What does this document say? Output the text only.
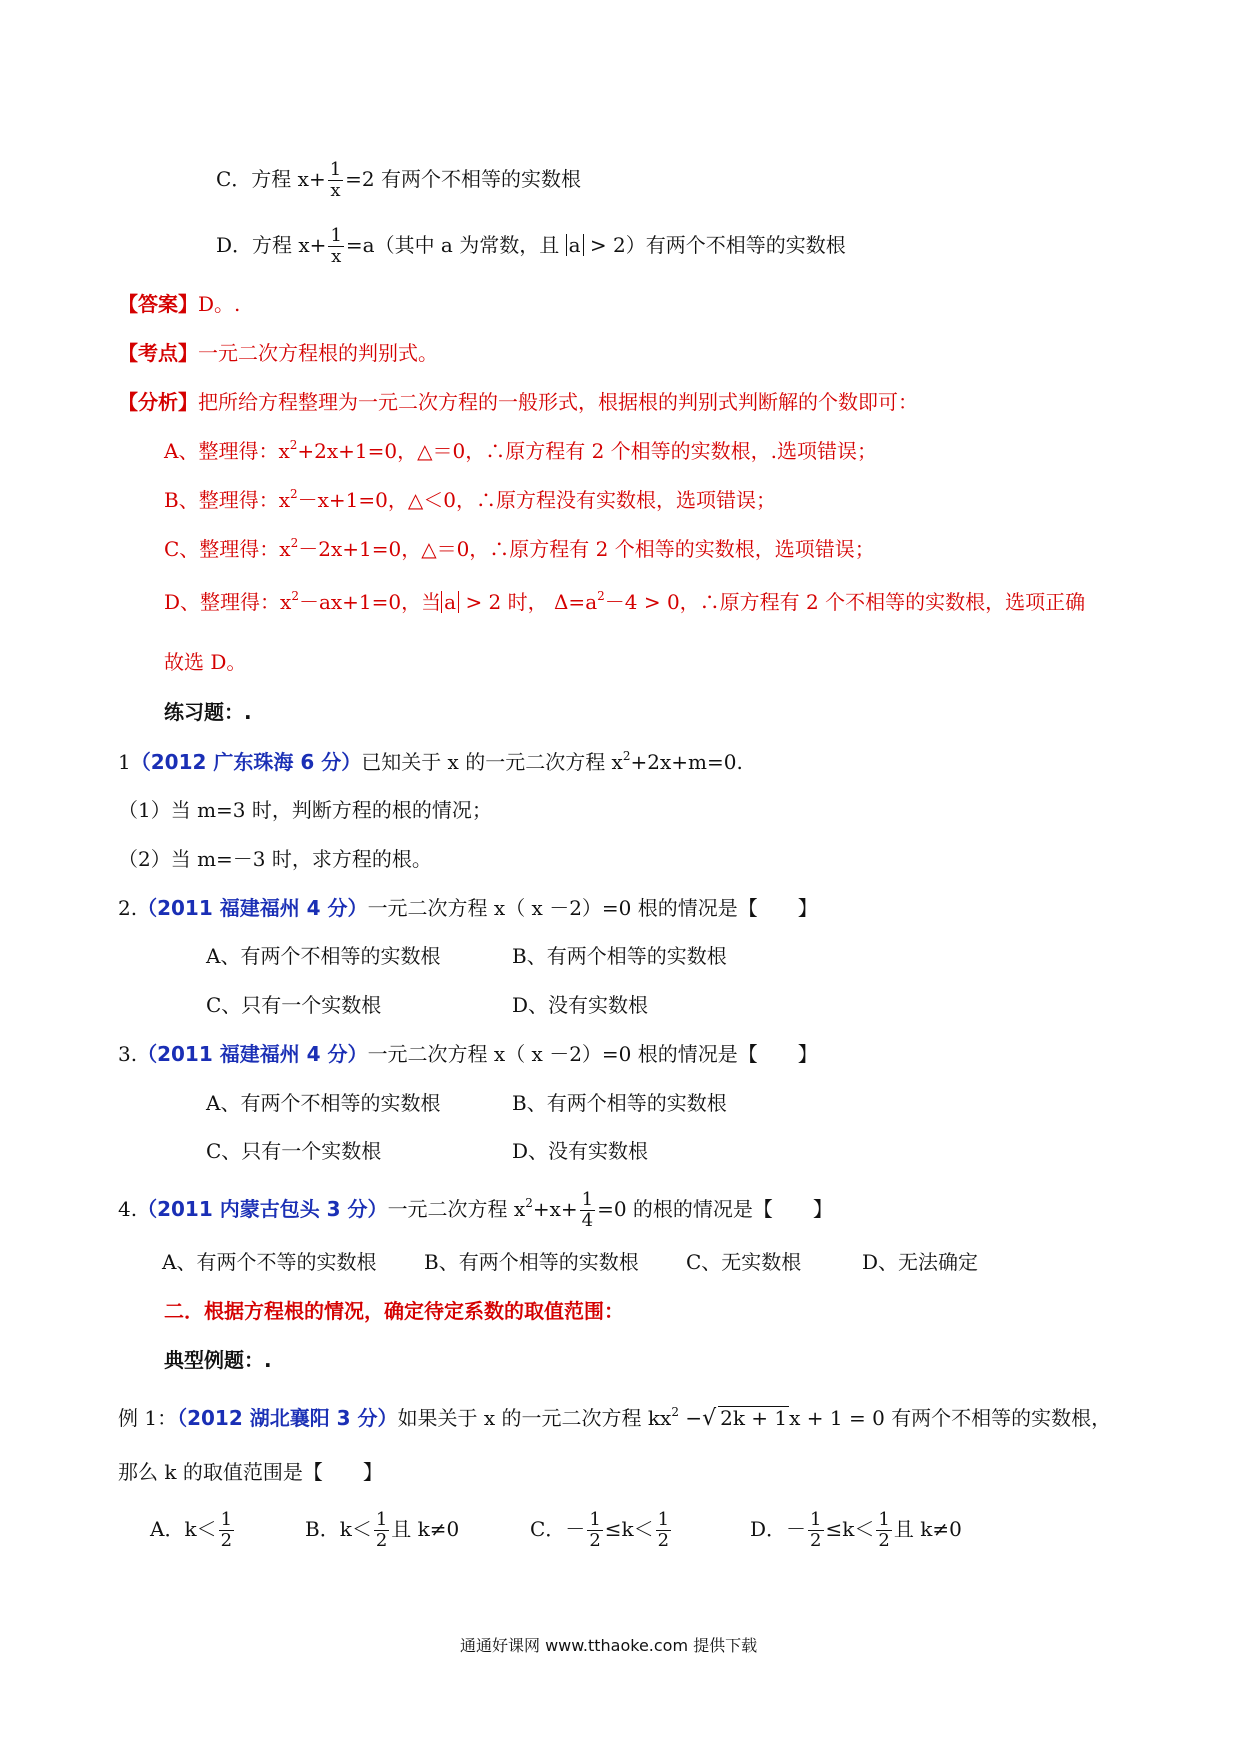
C．方程 $x+ \frac{1}{x} =2$ 有两个不相等的实数根
D．方程 $x+ \frac{1}{x} =a$（其中 a 为常数，且 a > 2）有两个不相等的实数根
【答案】D。.
【考点】一元二次方程根的判别式。
【分析】把所给方程整理为一元二次方程的一般形式，根据根的判别式判断解的个数即可：
A、整理得：$x^2+2x+1=0$，△＝0，∴原方程有 2 个相等的实数根，.选项错误；
B、整理得：$x^2-x+1=0$，△＜0，∴原方程没有实数根，选项错误；
C、整理得：$x^2-2x+1=0$，△＝0，∴原方程有 2 个相等的实数根，选项错误；
D、整理得：$x^2-ax+1=0$，当 a > 2 时， $\Delta=a^2-4 > 0$，∴原方程有 2 个不相等的实数根，选项正确
故选 D。
练习题：.
1（2012 广东珠海 6 分）已知关于 x 的一元二次方程 $x^2+2x+m=0$.
（1）当 m=3 时，判断方程的根的情况；
（2）当 m=－3 时，求方程的根。
2.（2011 福建福州 4 分）一元二次方程 x（ x －2）=0 根的情况是【　　】
A、有两个不相等的实数根	B、有两个相等的实数根
C、只有一个实数根	D、没有实数根
3.（2011 福建福州 4 分）一元二次方程 x（ x －2）=0 根的情况是【　　】
A、有两个不相等的实数根	B、有两个相等的实数根
C、只有一个实数根	D、没有实数根
4.（2011 内蒙古包头 3 分）一元二次方程 $x^2+x+ \frac{1}{4} =0$ 的根的情况是【　　】
A、有两个不等的实数根 B、有两个相等的实数根 C、无实数根	D、无法确定
二．根据方程根的情况，确定待定系数的取值范围：
典型例题：.
例 1：（2012 湖北襄阳 3 分）如果关于 x 的一元二次方程 $kx^2$ −√ 2k + 1 x + 1 = 0 有两个不相等的实数根，
那么 k 的取值范围是【　　】
A．$k< \frac{1}{2}$	B．$k< \frac{1}{2}$ 且 k≠0	C．－ $\frac{1}{2} \le k< \frac{1}{2}$	D．－ $\frac{1}{2} \le k< \frac{1}{2}$ 且 k≠0
通通好课网 www.tthaoke.com 提供下载
